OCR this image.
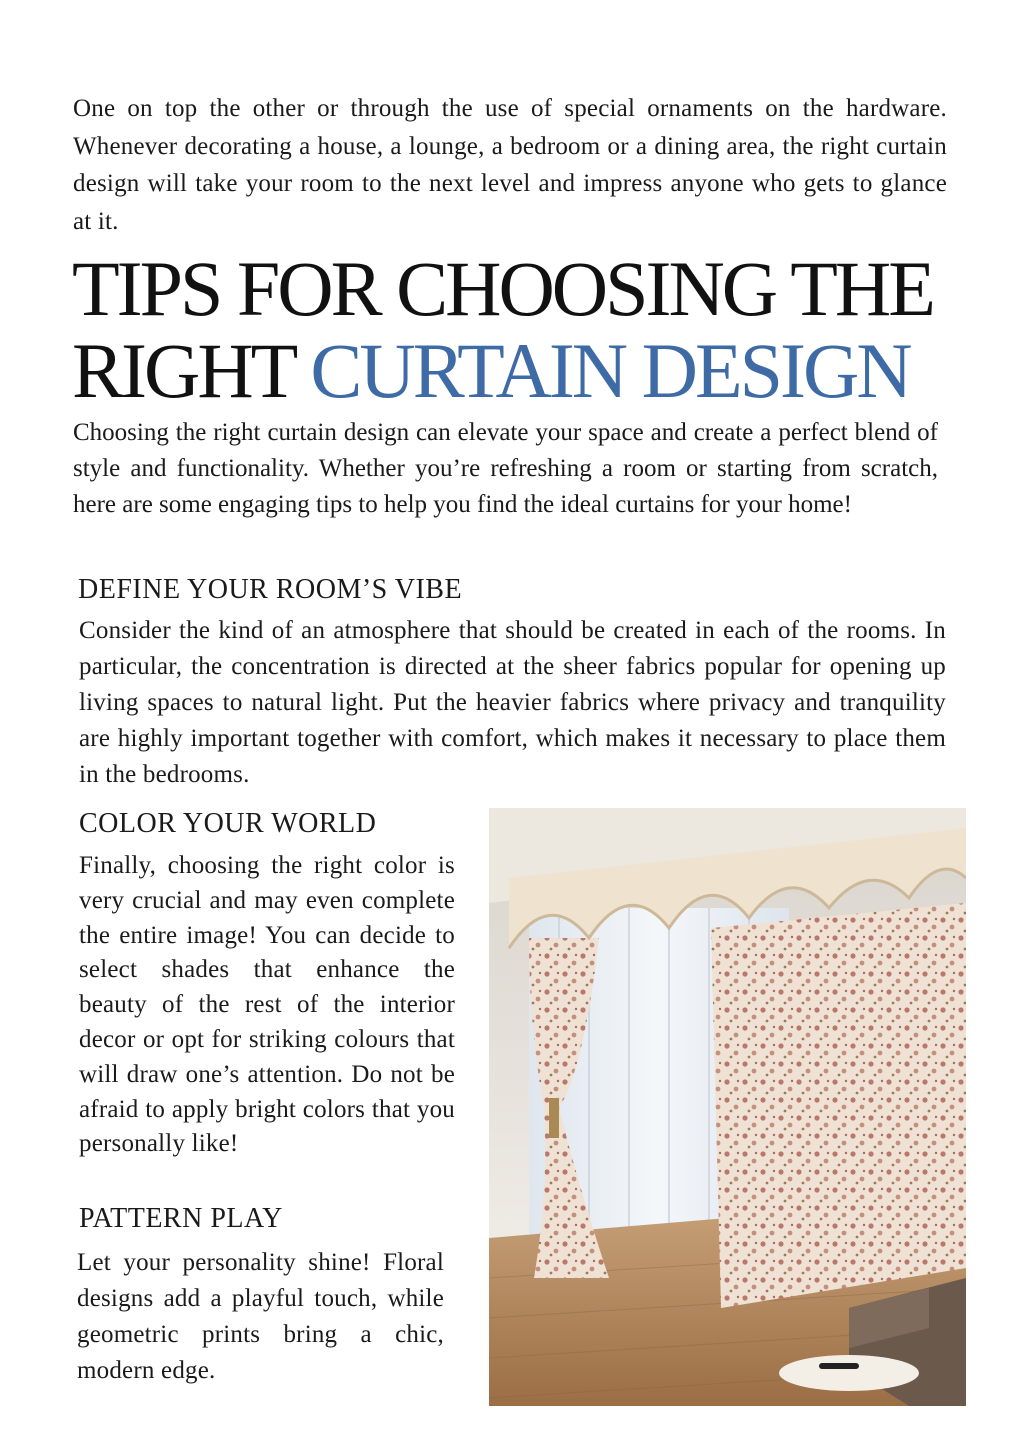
One on top the other or through the use of special ornaments on the hardware. Whenever decorating a house, a lounge, a bedroom or a dining area, the right curtain design will take your room to the next level and impress anyone who gets to glance at it.

TIPS FOR CHOOSING THE
RIGHT CURTAIN DESIGN

Choosing the right curtain design can elevate your space and create a perfect blend of style and functionality. Whether you’re refreshing a room or starting from scratch, here are some engaging tips to help you find the ideal curtains for your home!

DEFINE YOUR ROOM’S VIBE

Consider the kind of an atmosphere that should be created in each of the rooms. In particular, the concentration is directed at the sheer fabrics popular for opening up living spaces to natural light. Put the heavier fabrics where privacy and tranquility are highly important together with comfort, which makes it necessary to place them in the bedrooms.

COLOR YOUR WORLD

Finally, choosing the right color is very crucial and may even complete the entire image! You can decide to select shades that enhance the beauty of the rest of the interior decor or opt for striking colours that will draw one’s attention. Do not be afraid to apply bright colors that you personally like!

PATTERN PLAY

Let your personality shine! Floral designs add a playful touch, while geometric prints bring a chic, modern edge.
